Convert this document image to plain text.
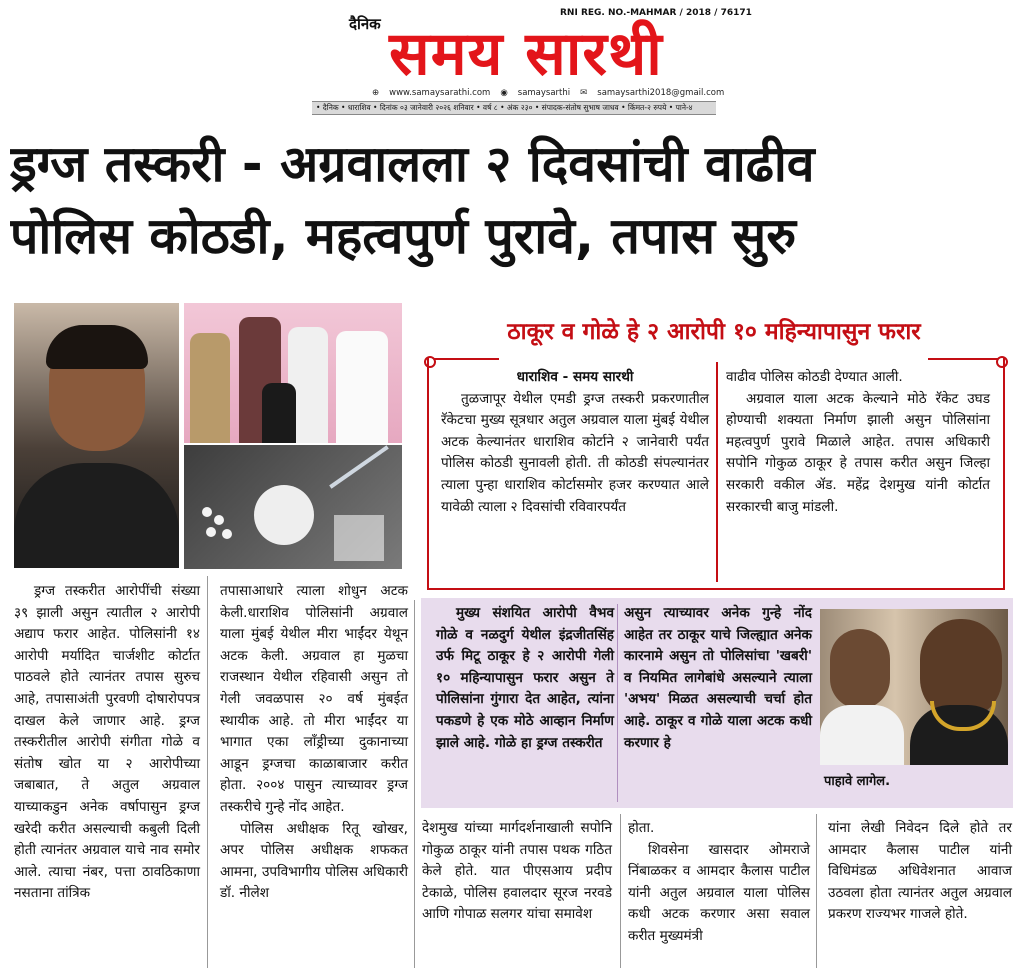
दैनिक
RNI REG. NO.-MAHMAR / 2018 / 76171
समय सारथी
⊕ www.samaysarathi.com ◉ samaysarthi ✉ samaysarthi2018@gmail.com
• दैनिक • धाराशिव • दिनांक ०३ जानेवारी २०२६ शनिवार • वर्ष ८ • अंक २३० • संपादक-संतोष सुभाष जाधव • किंमत-२ रुपये • पाने-४
ड्रग्ज तस्करी - अग्रवालला २ दिवसांची वाढीव
पोलिस कोठडी, महत्वपुर्ण पुरावे, तपास सुरु
ठाकूर व गोळे हे २ आरोपी १० महिन्यापासुन फरार
धाराशिव - समय सारथी

तुळजापूर येथील एमडी ड्रग्ज तस्करी प्रकरणातील रॅकेटचा मुख्य सूत्रधार अतुल अग्रवाल याला मुंबई येथील अटक केल्यानंतर धाराशिव कोर्टाने २ जानेवारी पर्यंत पोलिस कोठडी सुनावली होती. ती कोठडी संपल्यानंतर त्याला पुन्हा धाराशिव कोर्टासमोर हजर करण्यात आले यावेळी त्याला २ दिवसांची रविवारपर्यंत

वाढीव पोलिस कोठडी देण्यात आली.

अग्रवाल याला अटक केल्याने मोठे रॅकेट उघड होण्याची शक्यता निर्माण झाली असुन पोलिसांना महत्वपुर्ण पुरावे मिळाले आहेत. तपास अधिकारी सपोनि गोकुळ ठाकूर हे तपास करीत असुन जिल्हा सरकारी वकील ॲड. महेंद्र देशमुख यांनी कोर्टात सरकारची बाजु मांडली.

मुख्य संशयित आरोपी वैभव गोळे व नळदुर्ग येथील इंद्रजीतसिंह उर्फ मिटू ठाकूर हे २ आरोपी गेली १० महिन्यापासुन फरार असुन ते पोलिसांना गुंगारा देत आहेत, त्यांना पकडणे हे एक मोठे आव्हान निर्माण झाले आहे. गोळे हा ड्रग्ज तस्करीत

असुन त्याच्यावर अनेक गुन्हे नोंद आहेत तर ठाकूर याचे जिल्ह्यात अनेक कारनामे असुन तो पोलिसांचा 'खबरी' व नियमित लागेबांधे असल्याने त्याला 'अभय' मिळत असल्याची चर्चा होत आहे. ठाकूर व गोळे याला अटक कधी करणार हे

पाहावे लागेल.

ड्रग्ज तस्करीत आरोपींची संख्या ३९ झाली असुन त्यातील २ आरोपी अद्याप फरार आहेत. पोलिसांनी १४ आरोपी मर्यादित चार्जशीट कोर्टात पाठवले होते त्यानंतर तपास सुरुच आहे, तपासाअंती पुरवणी दोषारोपपत्र दाखल केले जाणार आहे. ड्रग्ज तस्करीतील आरोपी संगीता गोळे व संतोष खोत या २ आरोपीच्या जबाबात, ते अतुल अग्रवाल याच्याकडुन अनेक वर्षापासुन ड्रग्ज खरेदी करीत असल्याची कबुली दिली होती त्यानंतर अग्रवाल याचे नाव समोर आले. त्याचा नंबर, पत्ता ठावठिकाणा नसताना तांत्रिक

तपासाआधारे त्याला शोधुन अटक केली.धाराशिव पोलिसांनी अग्रवाल याला मुंबई येथील मीरा भाईंदर येथून अटक केली. अग्रवाल हा मुळचा राजस्थान येथील रहिवासी असुन तो गेली जवळपास २० वर्ष मुंबईत स्थायीक आहे. तो मीरा भाईंदर या भागात एका लाँड्रीच्या दुकानाच्या आडून ड्रग्जचा काळाबाजार करीत होता. २००४ पासुन त्याच्यावर ड्रग्ज तस्करीचे गुन्हे नोंद आहेत.

पोलिस अधीक्षक रितू खोखर, अपर पोलिस अधीक्षक शफकत आमना, उपविभागीय पोलिस अधिकारी डॉ. नीलेश

देशमुख यांच्या मार्गदर्शनाखाली सपोनि गोकुळ ठाकूर यांनी तपास पथक गठित केले होते. यात पीएसआय प्रदीप टेकाळे, पोलिस हवालदार सूरज नरवडे आणि गोपाळ सलगर यांचा समावेश

होता.

शिवसेना खासदार ओमराजे निंबाळकर व आमदार कैलास पाटील यांनी अतुल अग्रवाल याला पोलिस कधी अटक करणार असा सवाल करीत मुख्यमंत्री

यांना लेखी निवेदन दिले होते तर आमदार कैलास पाटील यांनी विधिमंडळ अधिवेशनात आवाज उठवला होता त्यानंतर अतुल अग्रवाल प्रकरण राज्यभर गाजले होते.
